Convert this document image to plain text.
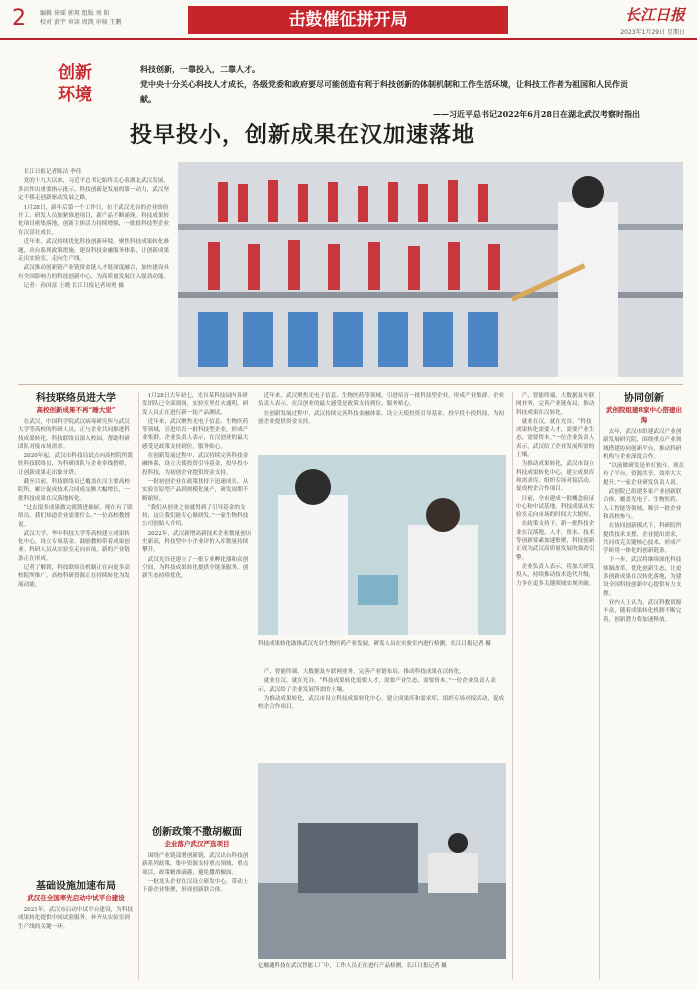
2 编辑 徐瑶 郭爽 组版 刘 阳
校对 黄宇 审读 周凯 审核 王鹏	击鼓催征拼开局	长江日报
2023年1月29日 星期日
创新环境
科技创新，一靠投入，二靠人才。
党中央十分关心科技人才成长，各级党委和政府要尽可能创造有利于科技创新的体制机制和工作生活环境，让科技工作者为祖国和人民作贡献。
——习近平总书记2022年6月28日在湖北武汉考察时指出
投早投小，创新成果在汉加速落地

长江日报记者陈洁 李佳

党的十九大以来，习近平总书记始终关心着湖北武汉发展，多次作出重要指示批示。科技创新是发展的第一动力，武汉坚定不移走创新驱动发展之路。

1月28日，新年后第一个工作日，位于武汉光谷的企业纷纷开工，研发人员加紧推进项目，新产品不断涌现。科技成果转化项目密集落地，创新主体活力持续增强，一批批科技型企业在汉茁壮成长。

近年来，武汉持续优化科技创新环境，聚焦科技成果转化难题，出台系列政策措施，建设科技金融服务体系，让创新成果走出实验室，走向生产线。

武汉推动创新链产业链资金链人才链深度融合，加快建设具有全国影响力的科技创新中心，为高质量发展注入强劲动能。

记者：孙国富 王晓 长江日报记者周勇 摄

科技联络员进大学
高校创新成果不再“睡大觉”

在武汉，中国科学院武汉病毒研究所与武汉大学等高校的科研人员，正与企业共同推进科技成果转化。科技联络员深入校园，帮助科研团队对接市场需求。

2020年起，武汉市科技局试点向高校院所派驻科技联络员，为科研团队与企业牵线搭桥，让创新成果走出象牙塔。

截至目前，科技联络员已覆盖在汉主要高校院所，累计促成技术合同成交额大幅增长，一批科技成果在汉落地转化。

“过去很多成果做完就锁进抽屉，现在有了联络员，我们知道企业需要什么。”一位高校教授说。

武汉大学、华中科技大学等高校建立成果转化中心，设立专项基金，鼓励教师带着成果创业。科研人员从实验室走向市场，新的产业链条正在形成。

记者了解到，科技联络员机制正在向更多高校院所推广，高校科研资源正在持续转化为发展动能。

基础设施加速布局
武汉在全国率先启动中试平台建设

2021年，武汉市启动中试平台建设，为科技成果转化提供中间试验服务，补齐从实验室到生产线的关键一环。

1月28日大年初七，光谷某科技园内各研发团队已全部到岗，实验室里灯火通明。研发人员正在进行新一轮产品测试。

近年来，武汉聚焦光电子信息、生物医药等领域，引进培育一批科技型企业，形成产业集群。企业负责人表示，在汉创业的最大感受是政策支持到位，服务贴心。

在创新发展过程中，武汉持续完善科技金融体系，设立天使投资引导基金，投早投小投科技，为初创企业提供资金支持。

一批初创企业在政策扶持下迅速成长，从实验室原型产品到规模化量产，研发周期不断缩短。

“我们从创业之初就得到了引导基金的支持，这让我们能专心做研发。”一家生物科技公司创始人介绍。

2022年，武汉新增高新技术企业数量创历史新高，科技型中小企业评价入库数量持续攀升。

武汉光谷还建立了一批专业孵化器和众创空间，为科技成果转化提供全链条服务，创新生态持续优化。

创新政策不撒胡椒面
企业落户武汉严选项目

围绕产业链部署创新链，武汉出台科技创新系列政策，集中资源支持重点领域、重点项目，政策精准滴灌，避免撒胡椒面。

一批龙头企业在汉设立研发中心，带动上下游企业集聚，形成创新联合体。

近年来，武汉聚焦光电子信息、生物医药等领域，引进培育一批科技型企业，形成产业集群。企业负责人表示，在汉创业的最大感受是政策支持到位，服务贴心。

在创新发展过程中，武汉持续完善科技金融体系，设立天使投资引导基金，投早投小投科技，为初创企业提供资金支持。

科技成果转化助推武汉光谷生物医药产业发展，研发人员在实验室内进行检测。长江日报记者 摄

产、智能终端，大数据及车联网业务，完善产业链布局，推动科技成果在汉转化。

就业在汉，就在光谷。“科技成果转化需要人才，需要产业生态，需要资本。”一位企业负责人表示，武汉给了企业发展所需的土壤。

为推动成果转化，武汉市设立科技成果转化中心，建立成果库和需求库，组织专场对接活动，促成校企合作项目。

亿咖通科技在武汉智能工厂中，工作人员正在进行产品检测。长江日报记者 摄

产、智能终端，大数据及车联网业务，完善产业链布局，推动科技成果在汉转化。

就业在汉，就在光谷。“科技成果转化需要人才，需要产业生态，需要资本。”一位企业负责人表示，武汉给了企业发展所需的土壤。

为推动成果转化，武汉市设立科技成果转化中心，建立成果库和需求库，组织专场对接活动，促成校企合作项目。

目前，全市建成一批概念验证中心和中试基地，科技成果从实验室走向市场的时间大大缩短。

在政策支持下，新一批科技企业在汉落地，人才、资本、技术等创新要素加速集聚，科技创新正成为武汉高质量发展的强劲引擎。

企业负责人表示，将加大研发投入，持续推动技术迭代升级，力争在更多关键领域实现突破。

协同创新
武创院组建8家中心搭建出海

去年，武汉市组建武汉产业创新发展研究院，围绕重点产业领域搭建协同创新平台，推动科研机构与企业深度合作。

“以前做研发是单打独斗，现在有了平台，资源共享，效率大大提升。”一家企业研发负责人说。

武创院已组建多家产业创新联合体，覆盖光电子、生物医药、人工智能等领域，吸引一批企业和高校参与。

在协同创新模式下，科研院所提供技术支撑，企业提出需求，共同攻克关键核心技术，形成产学研用一体化的创新链条。

下一步，武汉将继续深化科技体制改革，优化创新生态，让更多创新成果在汉转化落地，为建设全国科技创新中心提供有力支撑。

业内人士认为，武汉科教资源丰富，随着成果转化机制不断完善，创新潜力将加速释放。
